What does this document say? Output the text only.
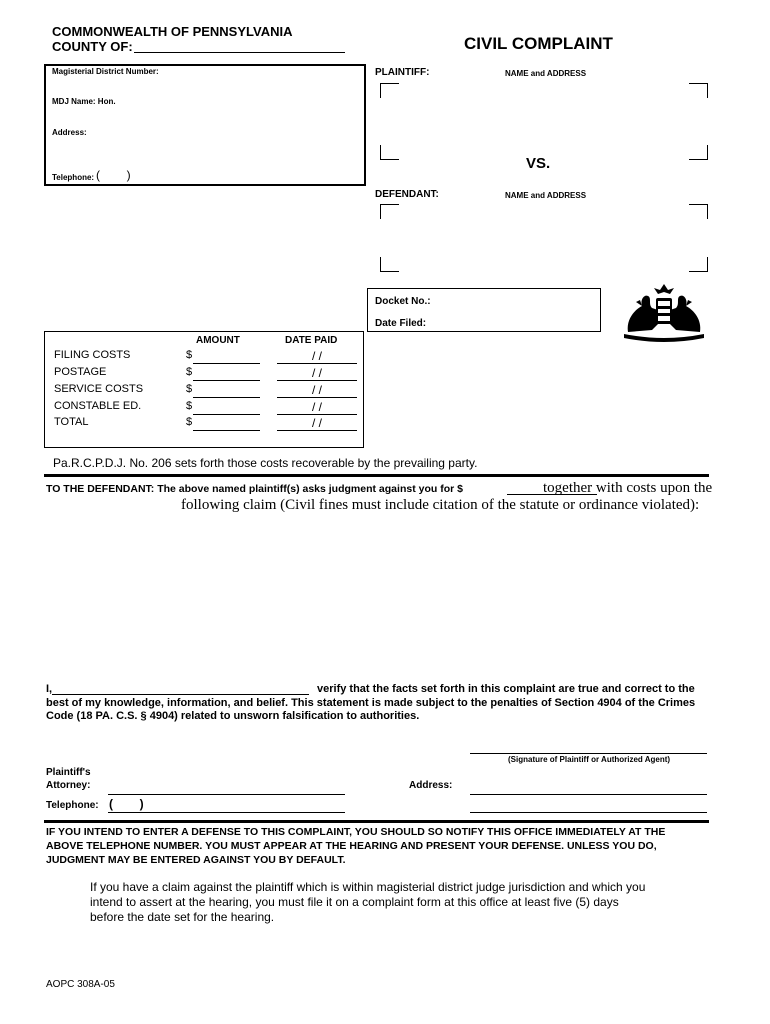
COMMONWEALTH OF PENNSYLVANIA
COUNTY OF:	CIVIL COMPLAINT
Magisterial District Number:
MDJ Name: Hon.
Address:
Telephone: (        )
PLAINTIFF:	NAME and ADDRESS
VS.
DEFENDANT:	NAME and ADDRESS
Docket No.:
Date Filed:
AMOUNT	DATE PAID
FILING COSTS	$	/ /
POSTAGE	$	/ /
SERVICE COSTS	$	/ /
CONSTABLE ED.	$	/ /
TOTAL	$	/ /
Pa.R.C.P.D.J. No. 206 sets forth those costs recoverable by the prevailing party.
TO THE DEFENDANT: The above named plaintiff(s) asks judgment against you for $	together with costs upon the
following claim (Civil fines must include citation of the statute or ordinance violated):
I,	verify that the facts set forth in this complaint are true and correct to the
best of my knowledge, information, and belief. This statement is made subject to the penalties of Section 4904 of the Crimes
Code (18 PA. C.S. § 4904) related to unsworn falsification to authorities.
(Signature of Plaintiff or Authorized Agent)
Plaintiff's
Attorney:	Address:
Telephone: (        )
IF YOU INTEND TO ENTER A DEFENSE TO THIS COMPLAINT, YOU SHOULD SO NOTIFY THIS OFFICE IMMEDIATELY AT THE
ABOVE TELEPHONE NUMBER. YOU MUST APPEAR AT THE HEARING AND PRESENT YOUR DEFENSE. UNLESS YOU DO,
JUDGMENT MAY BE ENTERED AGAINST YOU BY DEFAULT.
If you have a claim against the plaintiff which is within magisterial district judge jurisdiction and which you
intend to assert at the hearing, you must file it on a complaint form at this office at least five (5) days
before the date set for the hearing.
AOPC 308A-05
